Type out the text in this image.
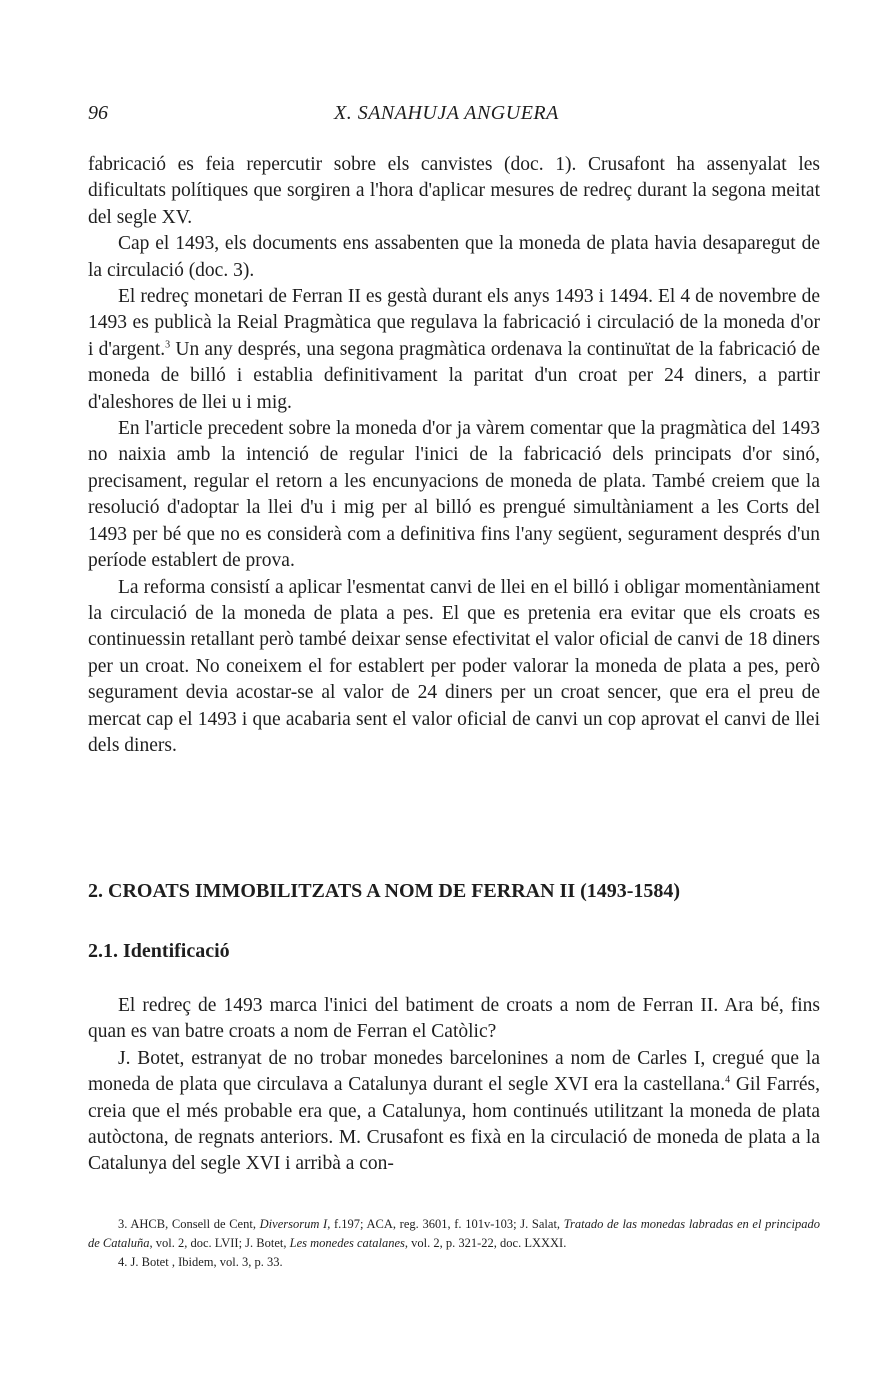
96	X. SANAHUJA ANGUERA

fabricació es feia repercutir sobre els canvistes (doc. 1). Crusafont ha assenyalat les dificultats polítiques que sorgiren a l'hora d'aplicar mesures de redreç durant la segona meitat del segle XV.

Cap el 1493, els documents ens assabenten que la moneda de plata havia desaparegut de la circulació (doc. 3).

El redreç monetari de Ferran II es gestà durant els anys 1493 i 1494. El 4 de novembre de 1493 es publicà la Reial Pragmàtica que regulava la fabricació i circulació de la moneda d'or i d'argent.$^3$ Un any després, una segona pragmàtica ordenava la continuïtat de la fabricació de moneda de billó i establia definitivament la paritat d'un croat per 24 diners, a partir d'aleshores de llei u i mig.

En l'article precedent sobre la moneda d'or ja vàrem comentar que la pragmàtica del 1493 no naixia amb la intenció de regular l'inici de la fabricació dels principats d'or sinó, precisament, regular el retorn a les encunyacions de moneda de plata. També creiem que la resolució d'adoptar la llei d'u i mig per al billó es prengué simultàniament a les Corts del 1493 per bé que no es considerà com a definitiva fins l'any següent, segurament després d'un període establert de prova.

La reforma consistí a aplicar l'esmentat canvi de llei en el billó i obligar momentàniament la circulació de la moneda de plata a pes. El que es pretenia era evitar que els croats es continuessin retallant però també deixar sense efectivitat el valor oficial de canvi de 18 diners per un croat. No coneixem el for establert per poder valorar la moneda de plata a pes, però segurament devia acostar-se al valor de 24 diners per un croat sencer, que era el preu de mercat cap el 1493 i que acabaria sent el valor oficial de canvi un cop aprovat el canvi de llei dels diners.

2. CROATS IMMOBILITZATS A NOM DE FERRAN II (1493-1584)
2.1. Identificació

El redreç de 1493 marca l'inici del batiment de croats a nom de Ferran II. Ara bé, fins quan es van batre croats a nom de Ferran el Catòlic?

J. Botet, estranyat de no trobar monedes barcelonines a nom de Carles I, cregué que la moneda de plata que circulava a Catalunya durant el segle XVI era la castellana.$^4$ Gil Farrés, creia que el més probable era que, a Catalunya, hom continués utilitzant la moneda de plata autòctona, de regnats anteriors. M. Crusafont es fixà en la circulació de moneda de plata a la Catalunya del segle XVI i arribà a con-

3. AHCB, Consell de Cent, Diversorum I, f.197; ACA, reg. 3601, f. 101v-103; J. Salat, Tratado de las monedas labradas en el principado de Cataluña, vol. 2, doc. LVII; J. Botet, Les monedes catalanes, vol. 2, p. 321-22, doc. LXXXI.

4. J. Botet , Ibidem, vol. 3, p. 33.
